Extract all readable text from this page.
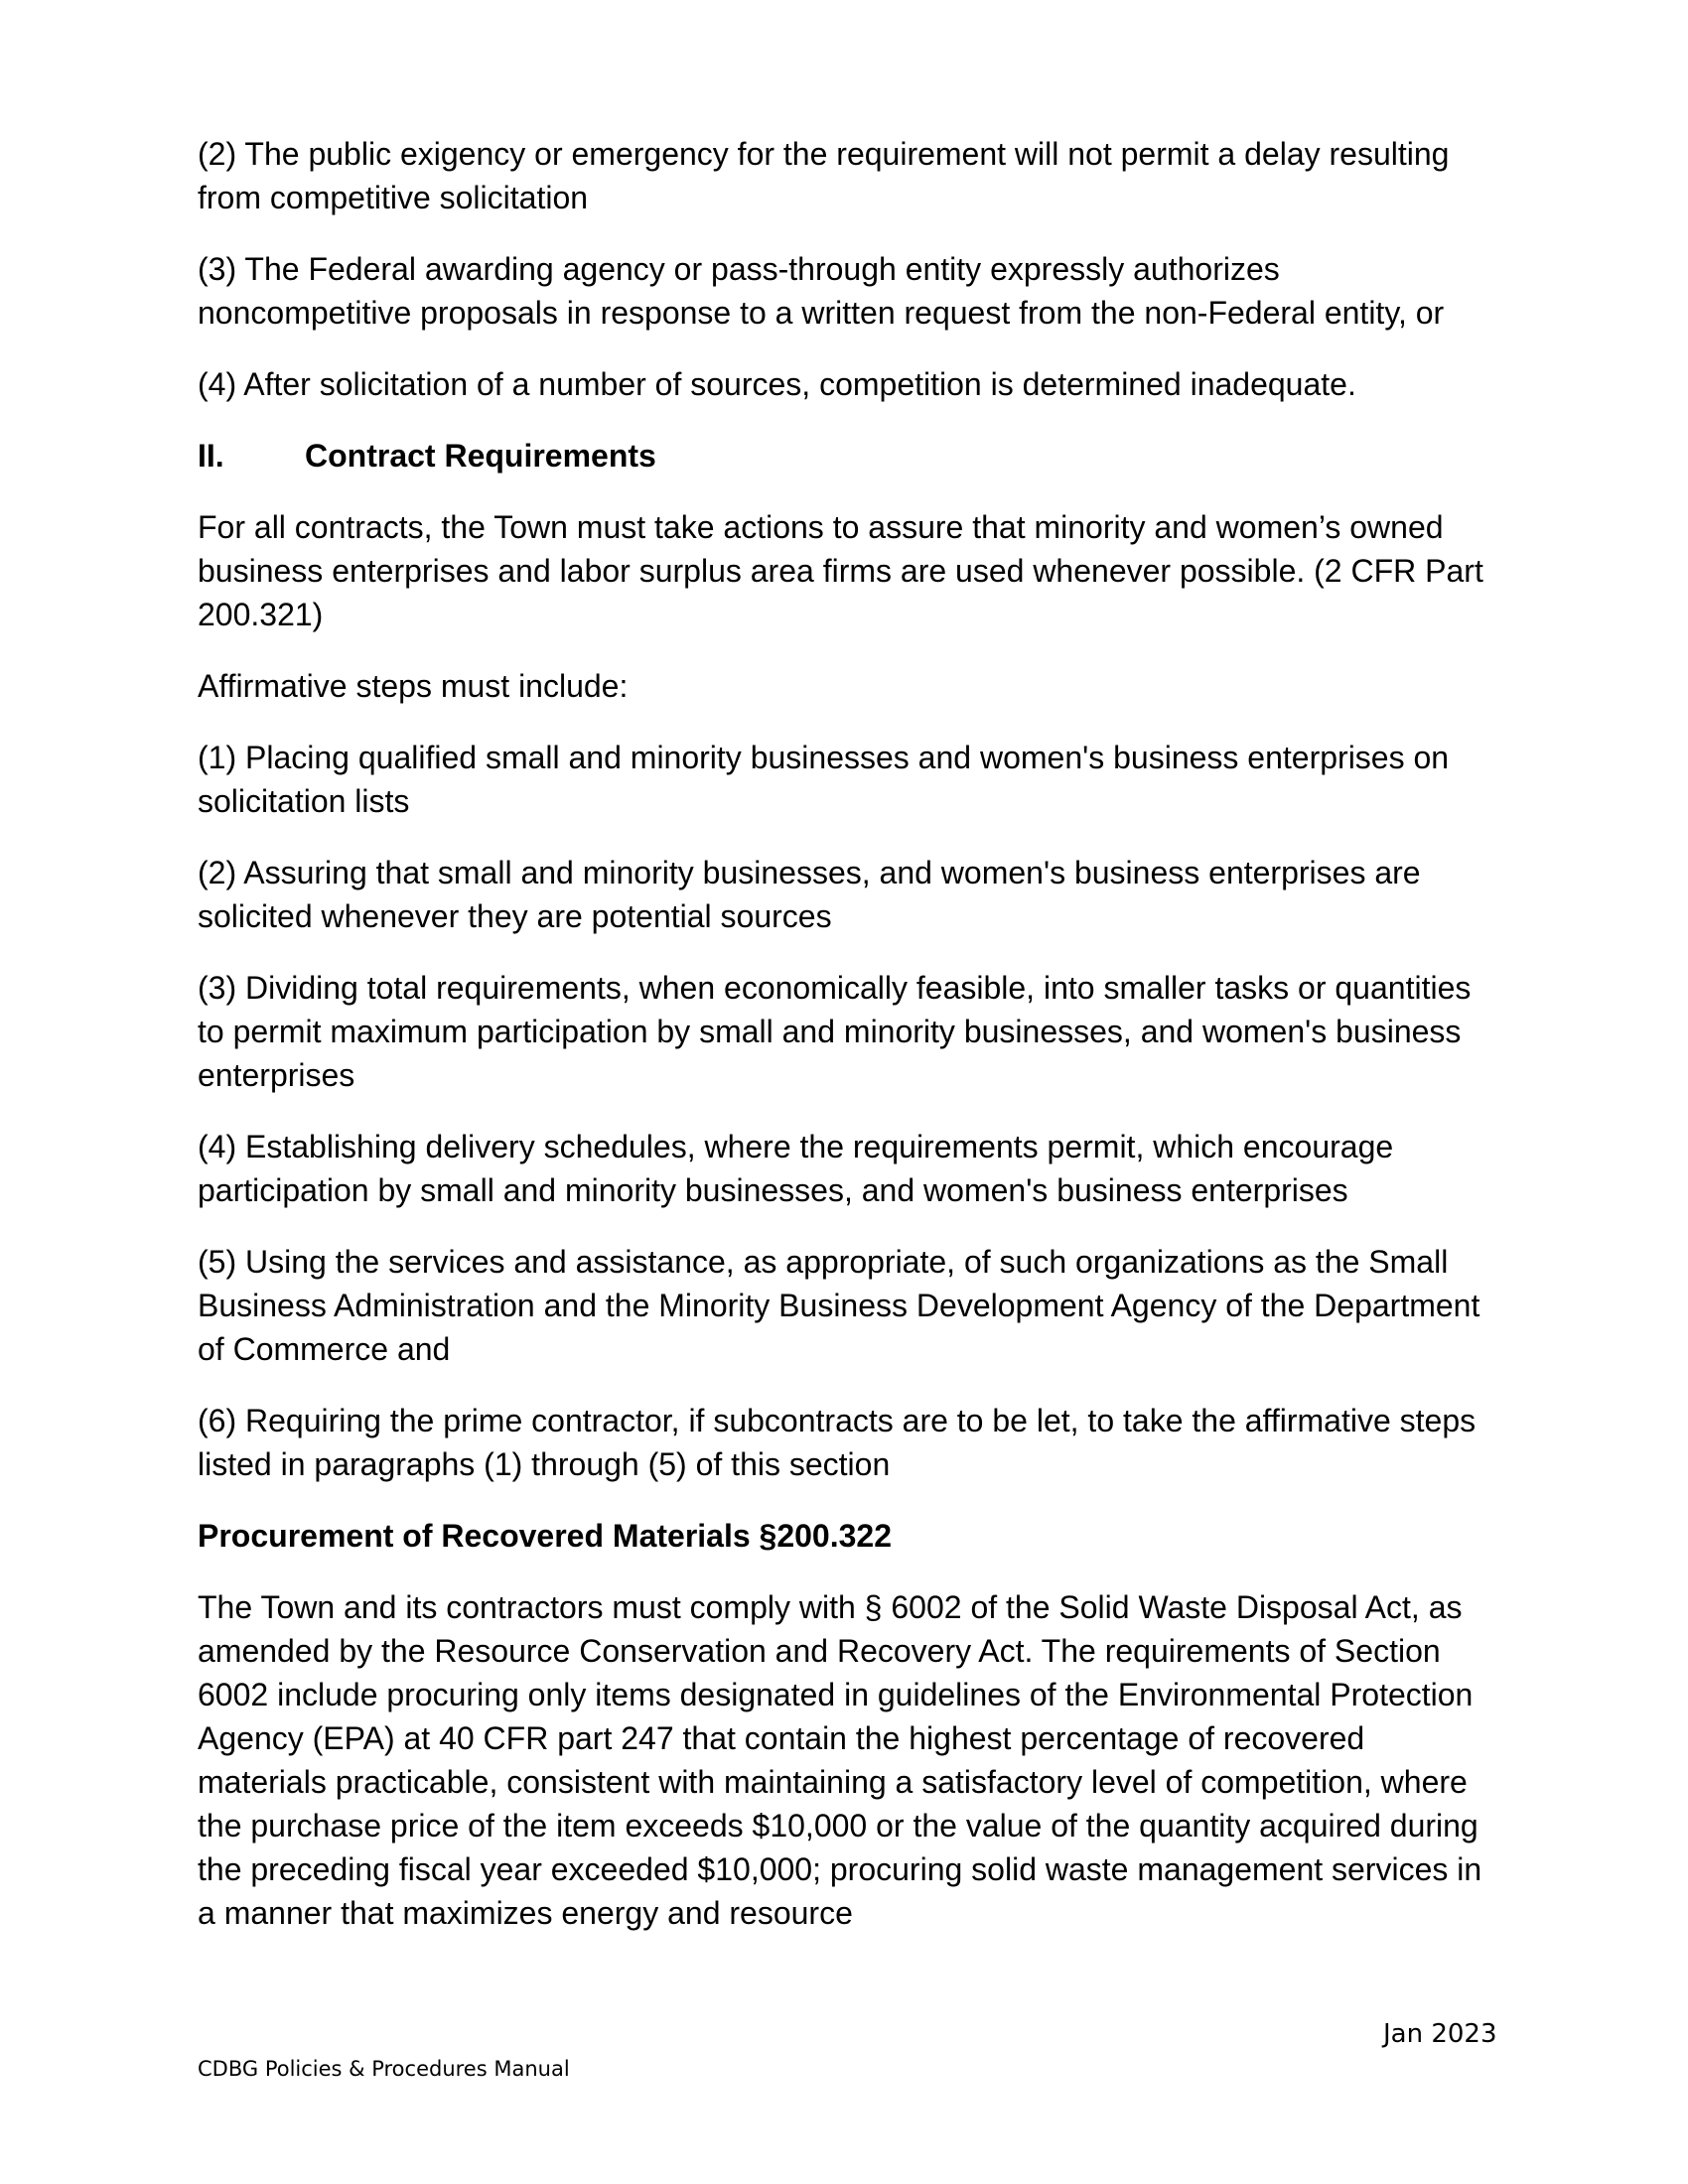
(2) The public exigency or emergency for the requirement will not permit a delay resulting from competitive solicitation

(3) The Federal awarding agency or pass-through entity expressly authorizes noncompetitive proposals in response to a written request from the non-Federal entity, or

(4) After solicitation of a number of sources, competition is determined inadequate.

II.	Contract Requirements

For all contracts, the Town must take actions to assure that minority and women’s owned business enterprises and labor surplus area firms are used whenever possible. (2 CFR Part 200.321)

Affirmative steps must include:

(1) Placing qualified small and minority businesses and women's business enterprises on solicitation lists

(2) Assuring that small and minority businesses, and women's business enterprises are solicited whenever they are potential sources

(3) Dividing total requirements, when economically feasible, into smaller tasks or quantities to permit maximum participation by small and minority businesses, and women's business enterprises

(4) Establishing delivery schedules, where the requirements permit, which encourage participation by small and minority businesses, and women's business enterprises

(5) Using the services and assistance, as appropriate, of such organizations as the Small Business Administration and the Minority Business Development Agency of the Department of Commerce and

(6) Requiring the prime contractor, if subcontracts are to be let, to take the affirmative steps listed in paragraphs (1) through (5) of this section

Procurement of Recovered Materials §200.322

The Town and its contractors must comply with § 6002 of the Solid Waste Disposal Act, as amended by the Resource Conservation and Recovery Act. The requirements of Section 6002 include procuring only items designated in guidelines of the Environmental Protection Agency (EPA) at 40 CFR part 247 that contain the highest percentage of recovered materials practicable, consistent with maintaining a satisfactory level of competition, where the purchase price of the item exceeds $10,000 or the value of the quantity acquired during the preceding fiscal year exceeded $10,000; procuring solid waste management services in a manner that maximizes energy and resource

Jan 2023
CDBG Policies & Procedures Manual
